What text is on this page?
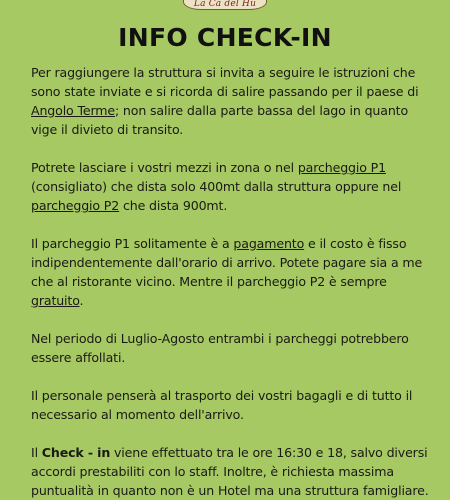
La Ca del Hu
INFO CHECK-IN

Per raggiungere la struttura si invita a seguire le istruzioni che sono state inviate e si ricorda di salire passando per il paese di Angolo Terme; non salire dalla parte bassa del lago in quanto vige il divieto di transito.

Potrete lasciare i vostri mezzi in zona o nel parcheggio P1 (consigliato) che dista solo 400mt dalla struttura oppure nel parcheggio P2 che dista 900mt.

Il parcheggio P1 solitamente è a pagamento e il costo è fisso indipendentemente dall'orario di arrivo. Potete pagare sia a me che al ristorante vicino. Mentre il parcheggio P2 è sempre gratuito.

Nel periodo di Luglio-Agosto entrambi i parcheggi potrebbero essere affollati.

Il personale penserà al trasporto dei vostri bagagli e di tutto il necessario al momento dell'arrivo.

Il Check - in viene effettuato tra le ore 16:30 e 18, salvo diversi accordi prestabiliti con lo staff. Inoltre, è richiesta massima puntualità in quanto non è un Hotel ma una struttura famigliare.
